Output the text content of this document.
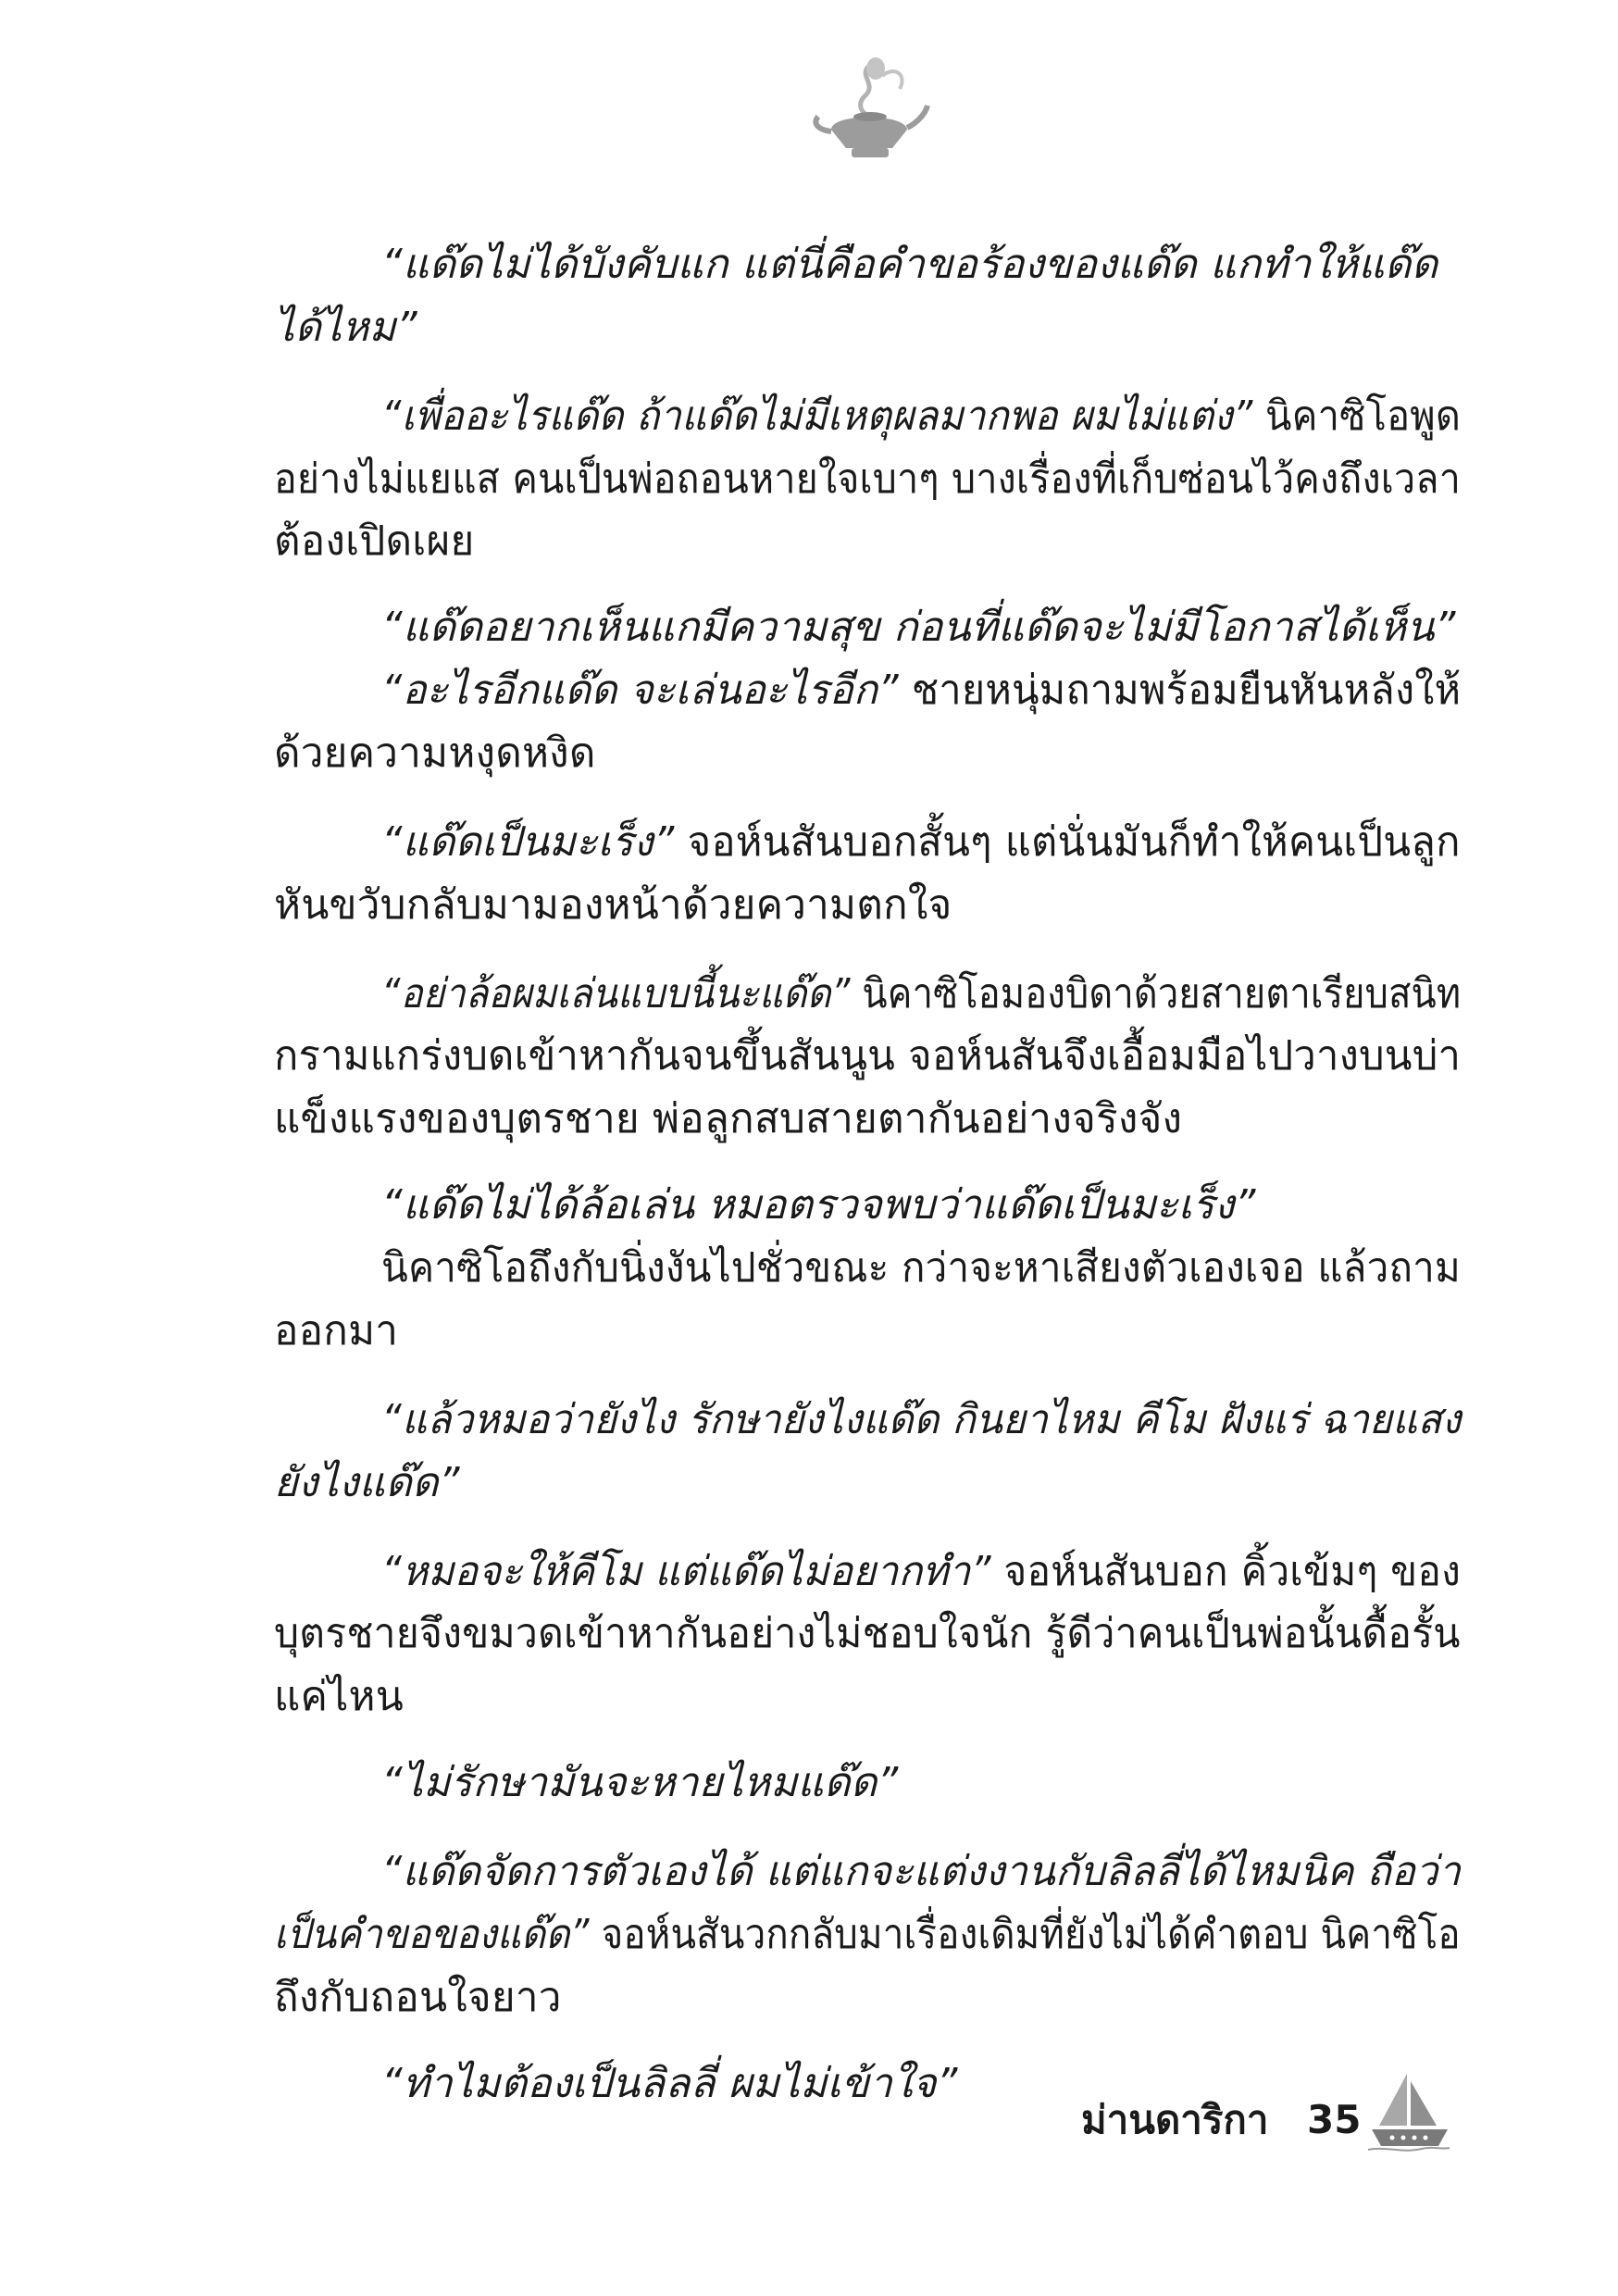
“แด๊ดไม่ได้บังคับแก แต่นี่คือคำขอร้องของแด๊ด แกทำให้แด๊ด
ได้ไหม”
“เพื่ออะไรแด๊ด ถ้าแด๊ดไม่มีเหตุผลมากพอ ผมไม่แต่ง” นิคาซิโอพูด
อย่างไม่แยแส คนเป็นพ่อถอนหายใจเบาๆ บางเรื่องที่เก็บซ่อนไว้คงถึงเวลา
ต้องเปิดเผย
“แด๊ดอยากเห็นแกมีความสุข ก่อนที่แด๊ดจะไม่มีโอกาสได้เห็น”
“อะไรอีกแด๊ด จะเล่นอะไรอีก” ชายหนุ่มถามพร้อมยืนหันหลังให้
ด้วยความหงุดหงิด
“แด๊ดเป็นมะเร็ง” จอห์นสันบอกสั้นๆ แต่นั่นมันก็ทำให้คนเป็นลูก
หันขวับกลับมามองหน้าด้วยความตกใจ
“อย่าล้อผมเล่นแบบนี้นะแด๊ด” นิคาซิโอมองบิดาด้วยสายตาเรียบสนิท
กรามแกร่งบดเข้าหากันจนขึ้นสันนูน จอห์นสันจึงเอื้อมมือไปวางบนบ่า
แข็งแรงของบุตรชาย พ่อลูกสบสายตากันอย่างจริงจัง
“แด๊ดไม่ได้ล้อเล่น หมอตรวจพบว่าแด๊ดเป็นมะเร็ง”
นิคาซิโอถึงกับนิ่งงันไปชั่วขณะ กว่าจะหาเสียงตัวเองเจอ แล้วถาม
ออกมา
“แล้วหมอว่ายังไง รักษายังไงแด๊ด กินยาไหม คีโม ฝังแร่ ฉายแสง
ยังไงแด๊ด”
“หมอจะให้คีโม แต่แด๊ดไม่อยากทำ” จอห์นสันบอก คิ้วเข้มๆ ของ
บุตรชายจึงขมวดเข้าหากันอย่างไม่ชอบใจนัก รู้ดีว่าคนเป็นพ่อนั้นดื้อรั้น
แค่ไหน
“ไม่รักษามันจะหายไหมแด๊ด”
“แด๊ดจัดการตัวเองได้ แต่แกจะแต่งงานกับลิลลี่ได้ไหมนิค ถือว่า
เป็นคำขอของแด๊ด” จอห์นสันวกกลับมาเรื่องเดิมที่ยังไม่ได้คำตอบ นิคาซิโอ
ถึงกับถอนใจยาว
“ทำไมต้องเป็นลิลลี่ ผมไม่เข้าใจ”
ม่านดาริกา 35
